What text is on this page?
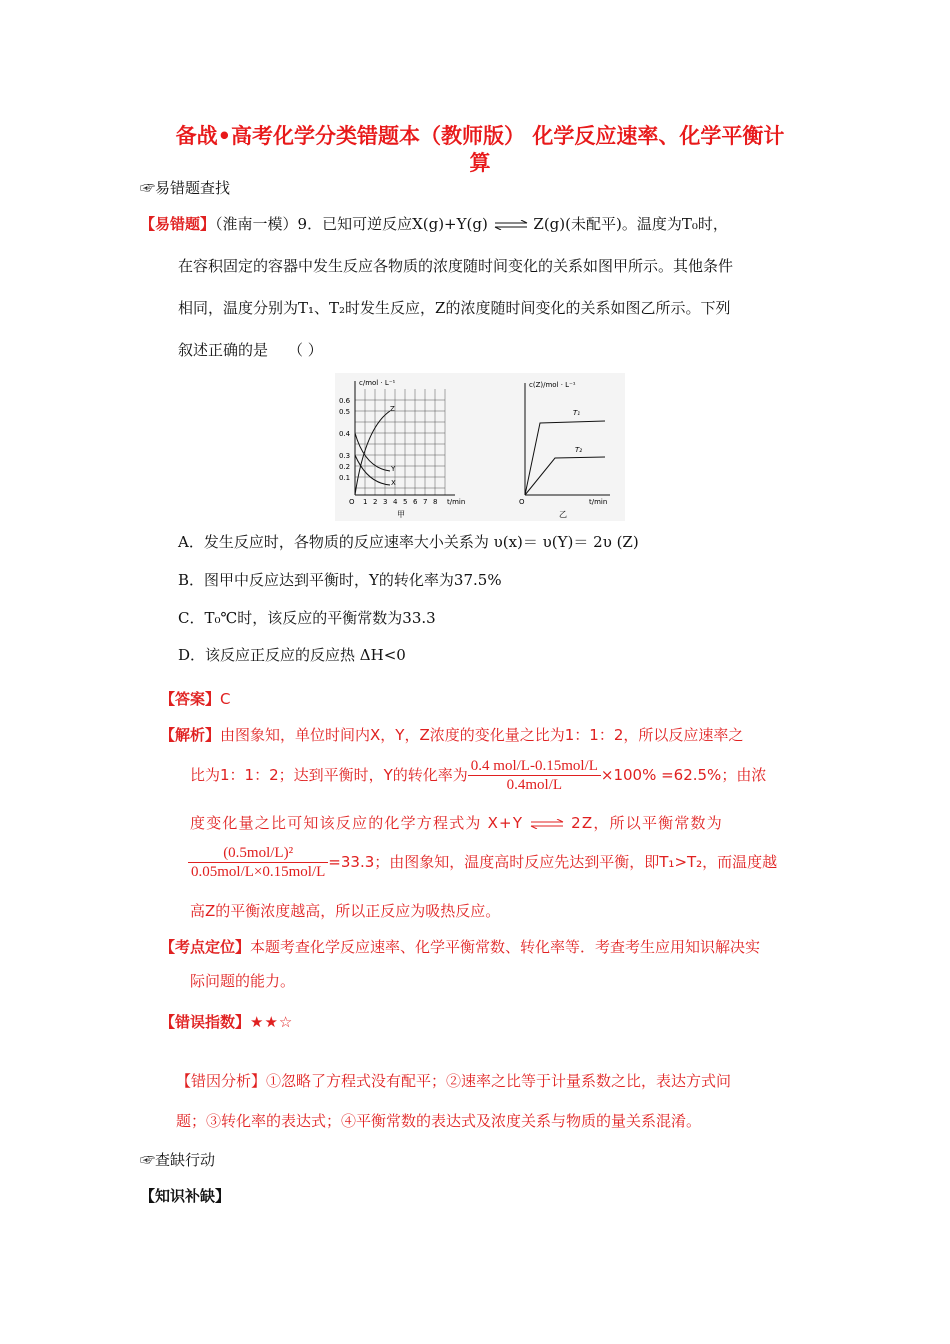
备战•高考化学分类错题本（教师版） 化学反应速率、化学平衡计
算
☞易错题查找
【易错题】（淮南一模）9．已知可逆反应X(g)+Y(g) ⇌ Z(g)(未配平)。温度为T₀时，
在容积固定的容器中发生反应各物质的浓度随时间变化的关系如图甲所示。其他条件
相同，温度分别为T₁、T₂时发生反应，Z的浓度随时间变化的关系如图乙所示。下列
叙述正确的是 （ ）
Z
Y
X
c/mol · L⁻¹
0.6
0.5
0.4
0.3
0.2
0.1
O 1 2 3 4 5 6 7 8 t/min
甲
T₁
T₂
c(Z)/mol · L⁻¹
O	t/min
乙
A．发生反应时，各物质的反应速率大小关系为 υ(x)＝ υ(Y)＝ 2υ (Z)
B．图甲中反应达到平衡时，Y的转化率为37.5%
C．T₀℃时，该反应的平衡常数为33.3
D．该反应正反应的反应热 ΔH<0
【答案】C
【解析】由图象知，单位时间内X，Y，Z浓度的变化量之比为1：1：2，所以反应速率之
比为1：1：2；达到平衡时，Y的转化率为 $\frac{\text{0.4 mol/L-0.15mol/L}}{\text{0.4mol/L}} \times 100\% =62.5\%$；由浓
度变化量之比可知该反应的化学方程式为 X+Y ⇌ 2Z，所以平衡常数为
$\frac{\text{(0.5mol/L)²}}{\text{0.05mol/L×0.15mol/L}} =33.3$；由图象知，温度高时反应先达到平衡，即T₁>T₂，而温度越
高Z的平衡浓度越高，所以正反应为吸热反应。
【考点定位】本题考查化学反应速率、化学平衡常数、转化率等．考查考生应用知识解决实
际问题的能力。
【错误指数】★★☆
【错因分析】①忽略了方程式没有配平；②速率之比等于计量系数之比，表达方式问
题；③转化率的表达式；④平衡常数的表达式及浓度关系与物质的量关系混淆。
☞查缺行动
【知识补缺】
